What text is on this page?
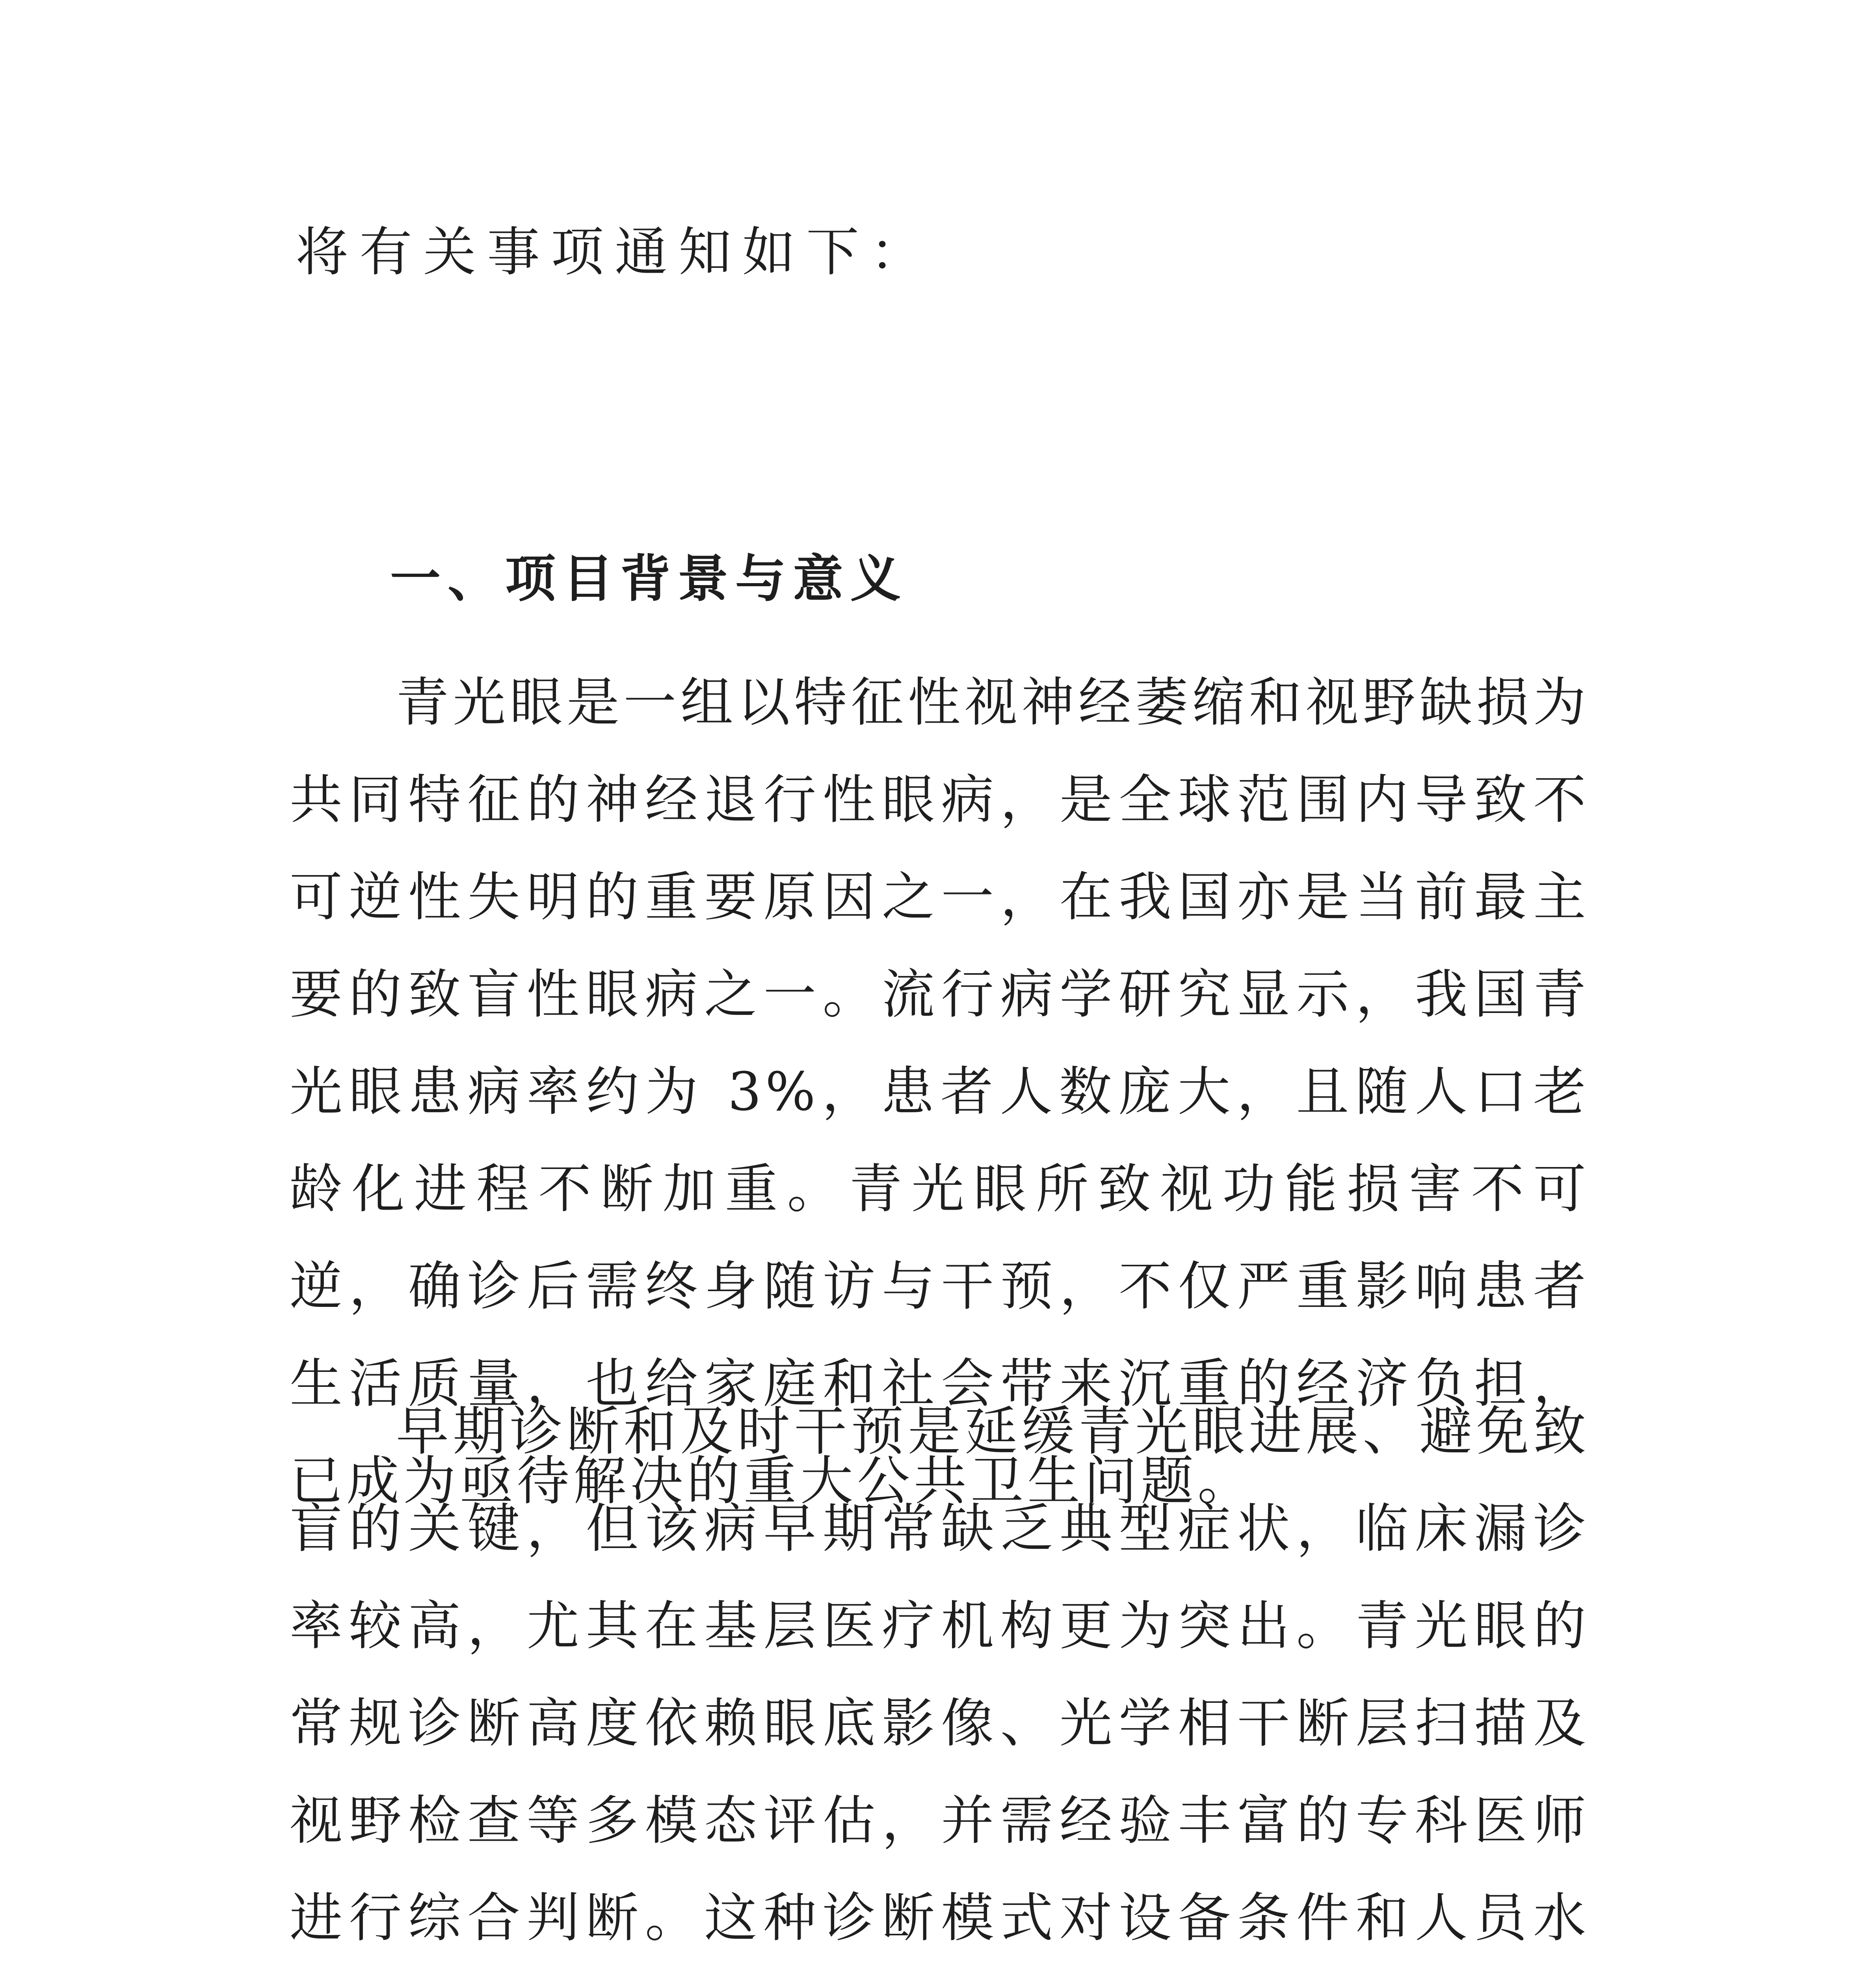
将有关事项通知如下：

一、项目背景与意义

青光眼是一组以特征性视神经萎缩和视野缺损为共同特征的神经退行性眼病，是全球范围内导致不可逆性失明的重要原因之一，在我国亦是当前最主要的致盲性眼病之一。流行病学研究显示，我国青光眼患病率约为 3%，患者人数庞大，且随人口老龄化进程不断加重。青光眼所致视功能损害不可逆，确诊后需终身随访与干预，不仅严重影响患者生活质量，也给家庭和社会带来沉重的经济负担，已成为亟待解决的重大公共卫生问题。

早期诊断和及时干预是延缓青光眼进展、避免致盲的关键，但该病早期常缺乏典型症状，临床漏诊率较高，尤其在基层医疗机构更为突出。青光眼的常规诊断高度依赖眼底影像、光学相干断层扫描及视野检查等多模态评估，并需经验丰富的专科医师进行综合判断。这种诊断模式对设备条件和人员水
